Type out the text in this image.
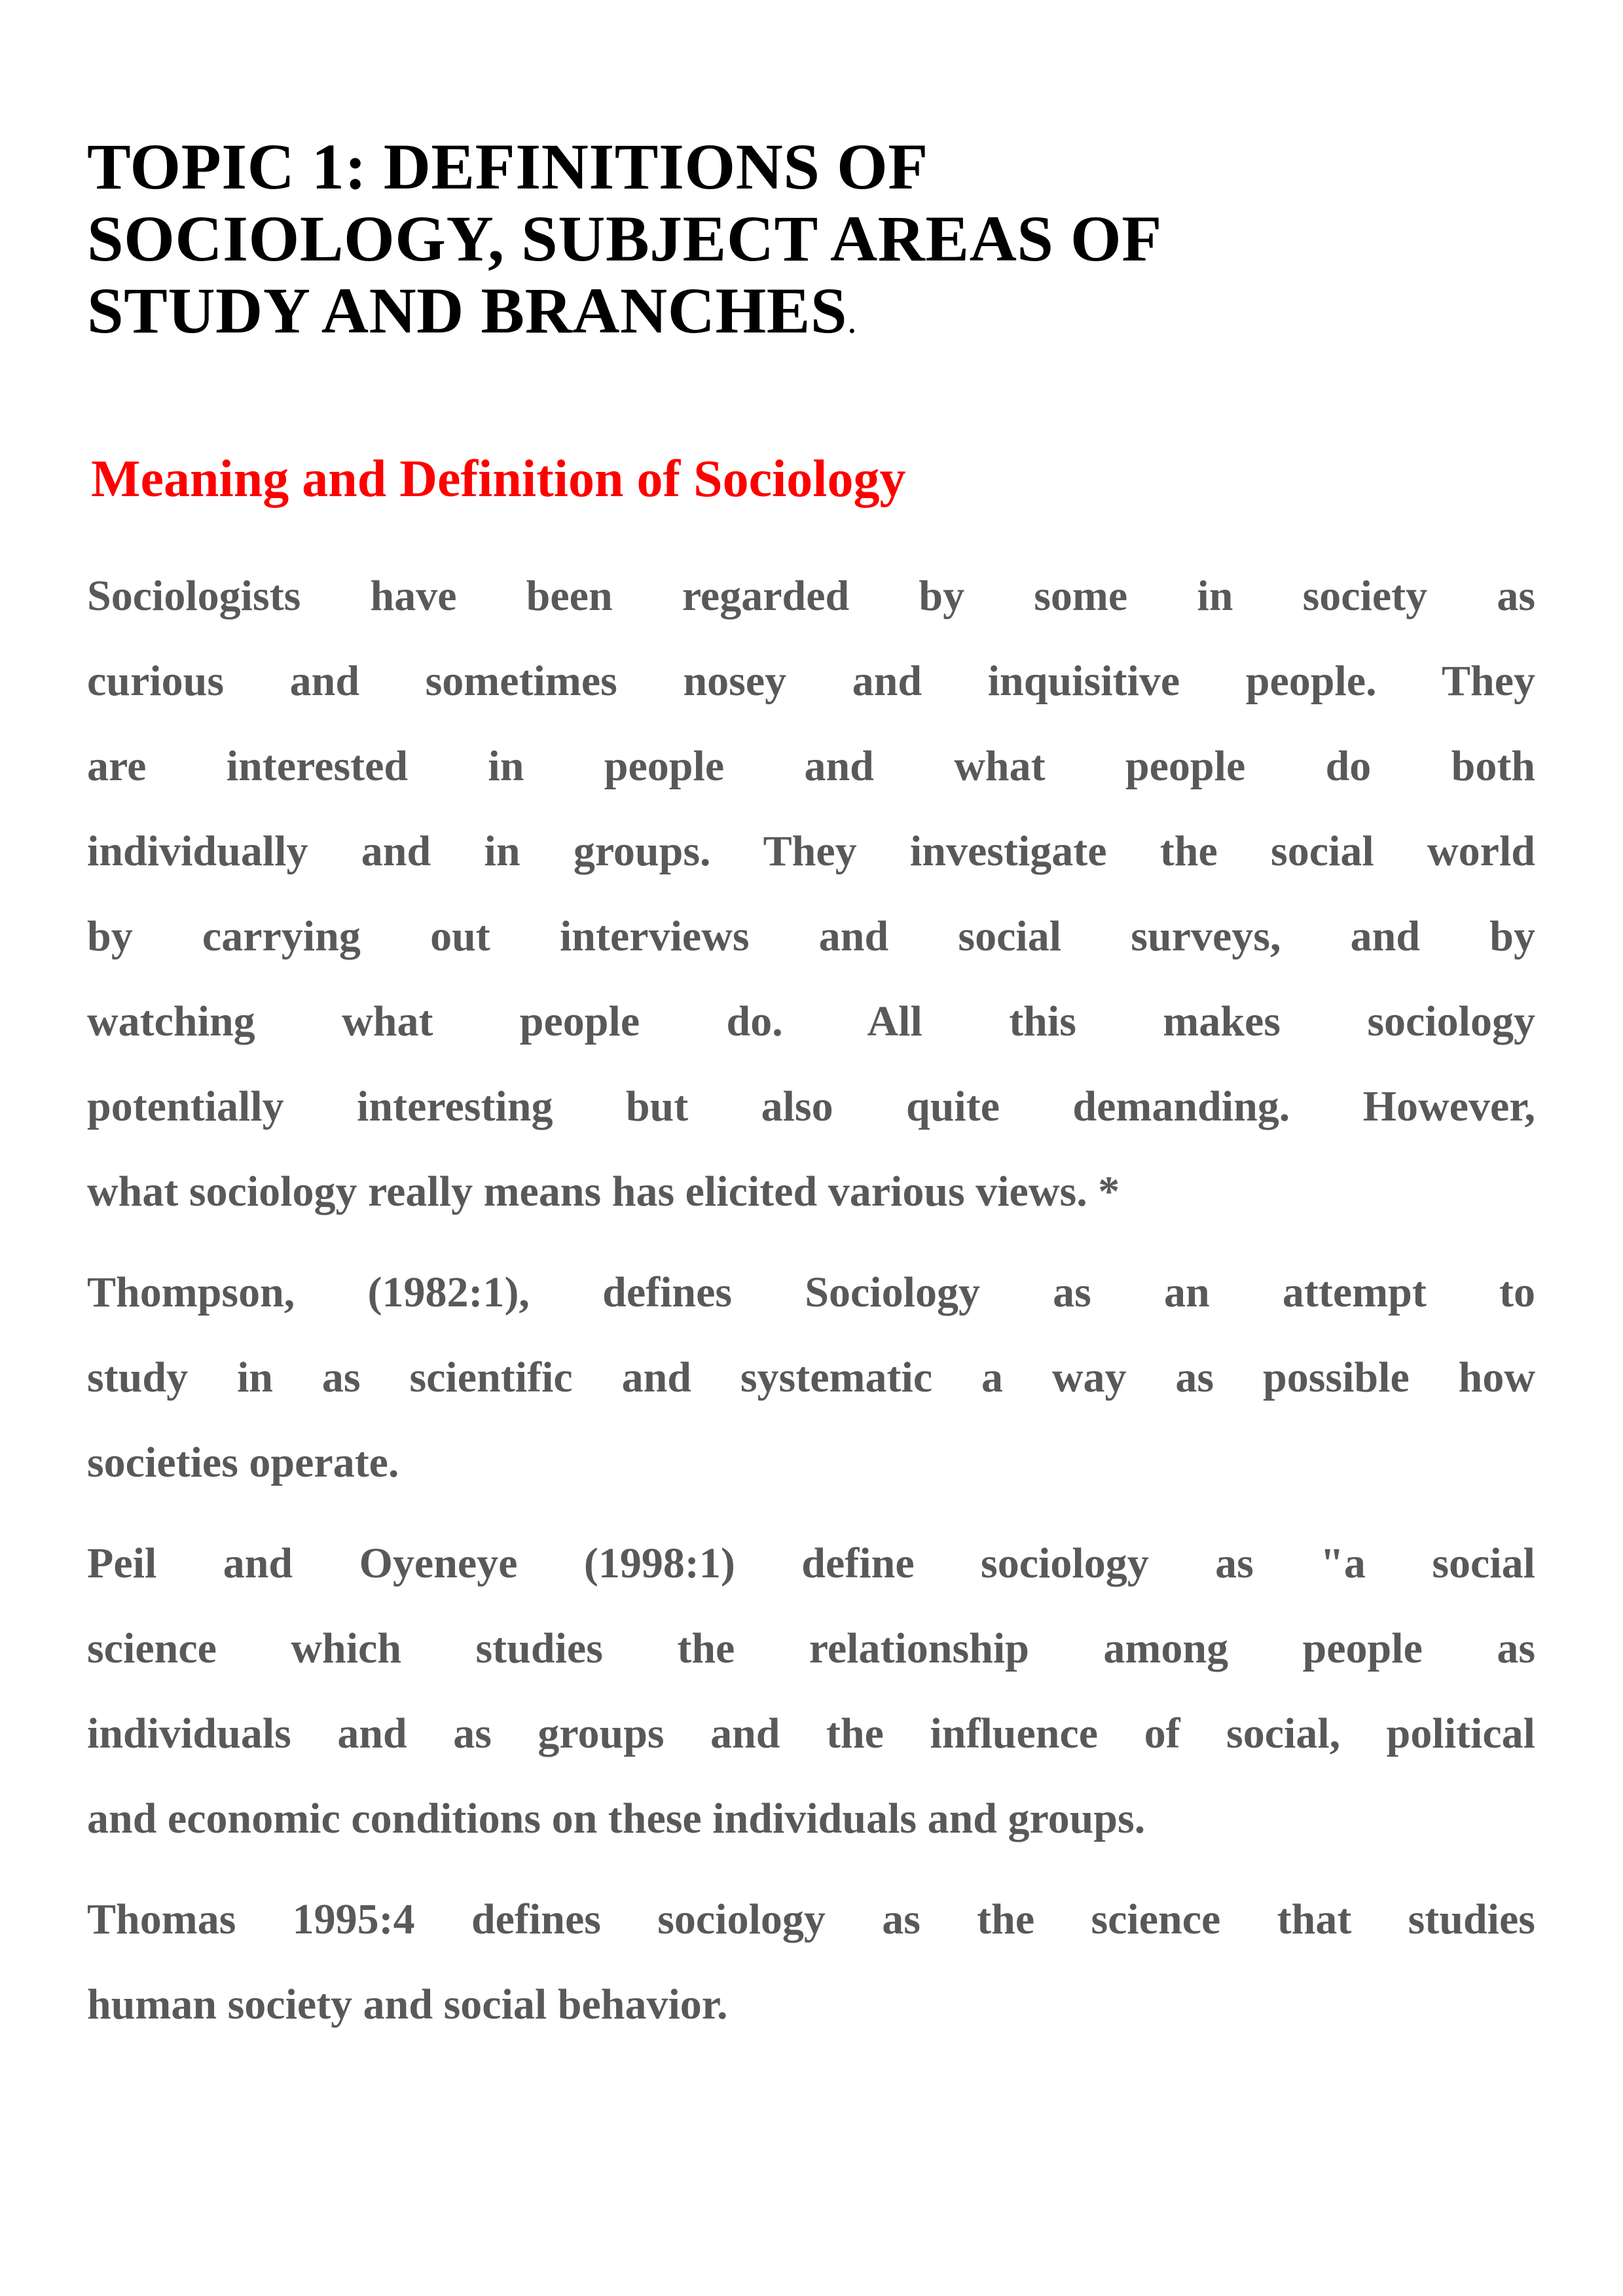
TOPIC 1: DEFINITIONS OF
SOCIOLOGY, SUBJECT AREAS OF
STUDY AND BRANCHES.
Meaning and Definition of Sociology
Sociologists have been regarded by some in society as
curious and sometimes nosey and inquisitive people. They
are interested in people and what people do both
individually and in groups. They investigate the social world
by carrying out interviews and social surveys, and by
watching what people do. All this makes sociology
potentially interesting but also quite demanding. However,
what sociology really means has elicited various views. *
Thompson, (1982:1), defines Sociology as an attempt to
study in as scientific and systematic a way as possible how
societies operate.
Peil and Oyeneye (1998:1) define sociology as "a social
science which studies the relationship among people as
individuals and as groups and the influence of social, political
and economic conditions on these individuals and groups.
Thomas 1995:4 defines sociology as the science that studies
human society and social behavior.
